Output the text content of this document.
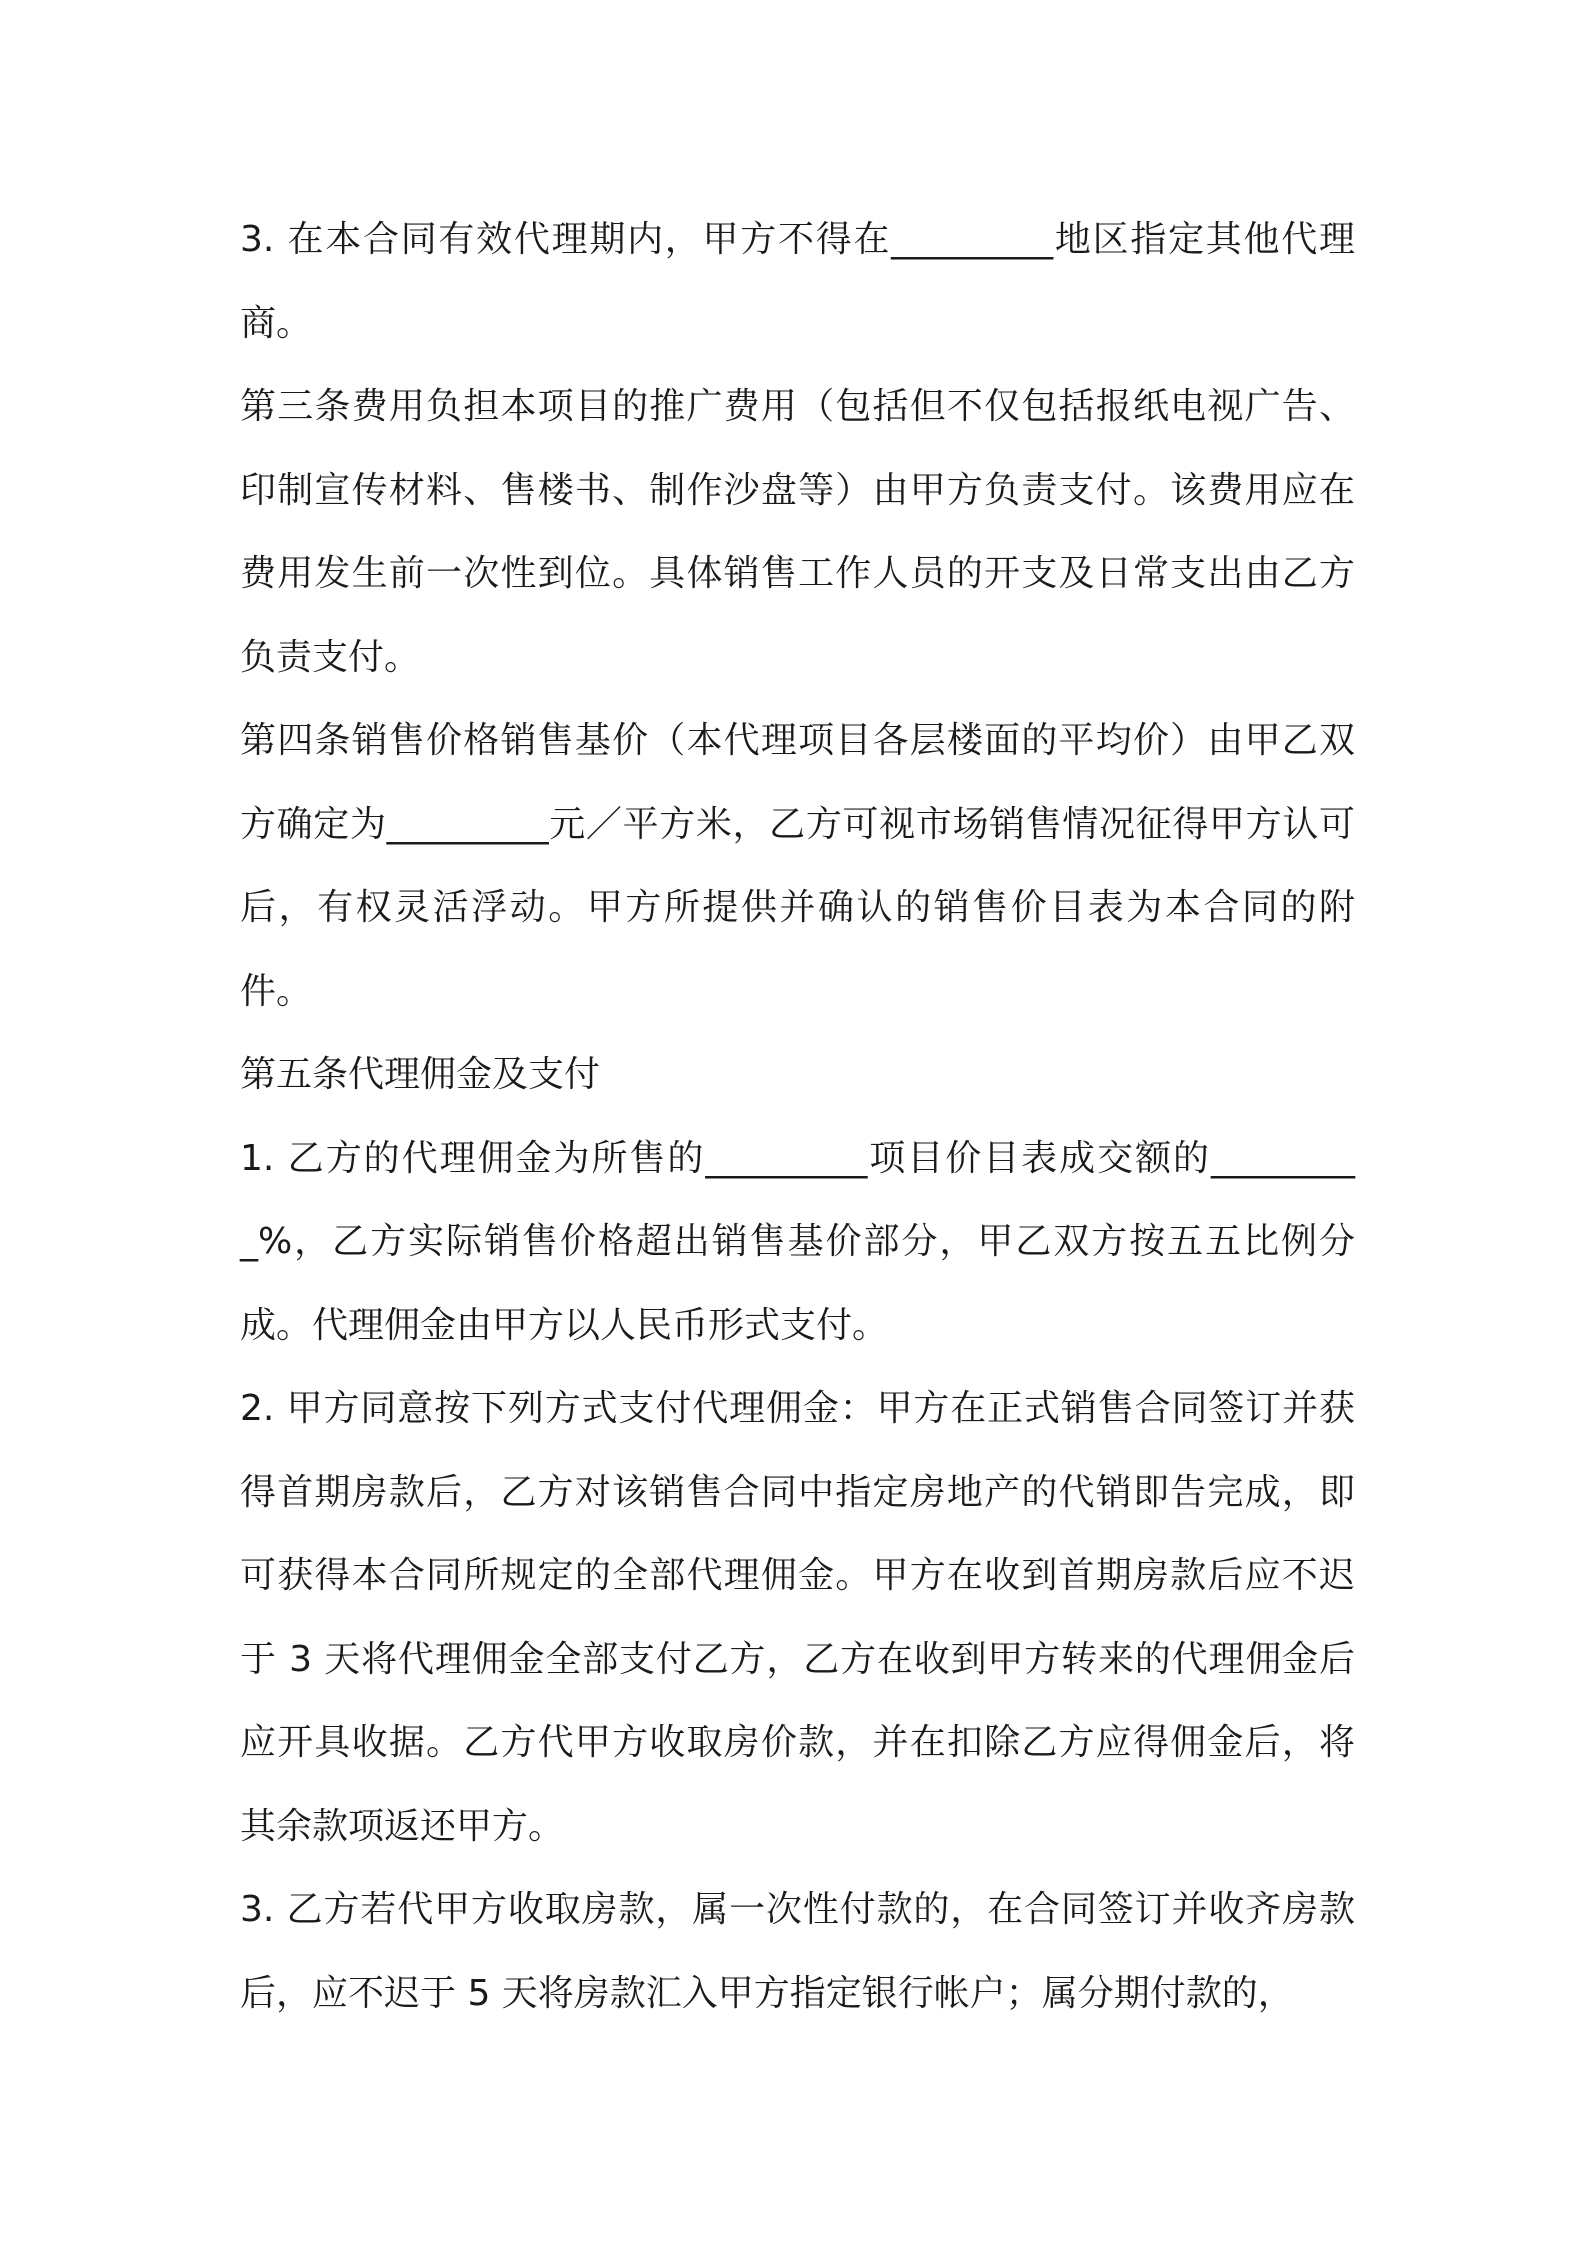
3. 在本合同有效代理期内，甲方不得在_________地区指定其他代理商。

第三条费用负担本项目的推广费用（包括但不仅包括报纸电视广告、印制宣传材料、售楼书、制作沙盘等）由甲方负责支付。该费用应在费用发生前一次性到位。具体销售工作人员的开支及日常支出由乙方负责支付。

第四条销售价格销售基价（本代理项目各层楼面的平均价）由甲乙双方确定为_________元／平方米，乙方可视市场销售情况征得甲方认可后，有权灵活浮动。甲方所提供并确认的销售价目表为本合同的附件。

第五条代理佣金及支付

1. 乙方的代理佣金为所售的_________项目价目表成交额的_________%，乙方实际销售价格超出销售基价部分，甲乙双方按五五比例分成。代理佣金由甲方以人民币形式支付。

2. 甲方同意按下列方式支付代理佣金：甲方在正式销售合同签订并获得首期房款后，乙方对该销售合同中指定房地产的代销即告完成，即可获得本合同所规定的全部代理佣金。甲方在收到首期房款后应不迟于 3 天将代理佣金全部支付乙方，乙方在收到甲方转来的代理佣金后应开具收据。乙方代甲方收取房价款，并在扣除乙方应得佣金后，将其余款项返还甲方。

3. 乙方若代甲方收取房款，属一次性付款的，在合同签订并收齐房款后，应不迟于 5 天将房款汇入甲方指定银行帐户；属分期付款的，
